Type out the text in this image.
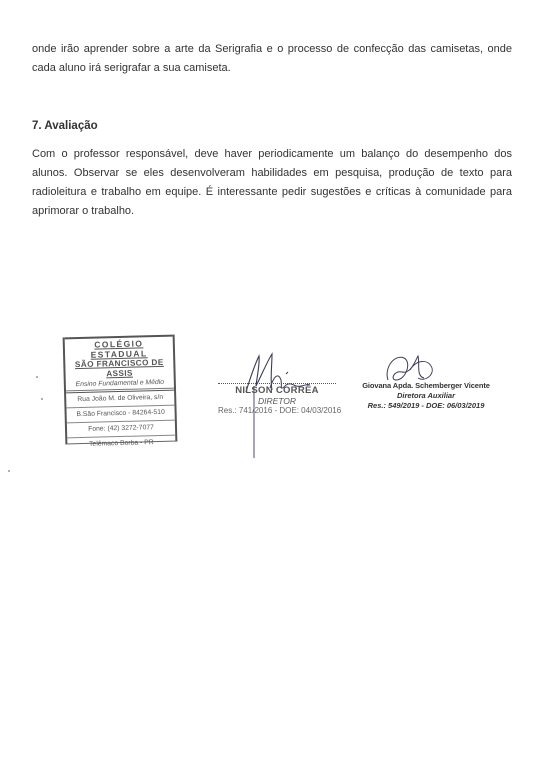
onde irão aprender sobre a arte da Serigrafia e o processo de confecção das camisetas, onde cada aluno irá serigrafar a sua camiseta.

7. Avaliação

Com o professor responsável, deve haver periodicamente um balanço do desempenho dos alunos. Observar se eles desenvolveram habilidades em pesquisa, produção de texto para radioleitura e trabalho em equipe. É interessante pedir sugestões e críticas à comunidade para aprimorar o trabalho.

COLÉGIO ESTADUAL
SÃO FRANCISCO DE ASSIS
Ensino Fundamental e Médio
Rua João M. de Oliveira, s/n
B.São Francisco - 84264-510
Fone: (42) 3272-7077
Telêmaco Borba - PR
NILSON CORRÊA
DIRETOR
Res.: 741/2016 - DOE: 04/03/2016
Giovana Apda. Schemberger Vicente
Diretora Auxiliar
Res.: 549/2019 - DOE: 06/03/2019
